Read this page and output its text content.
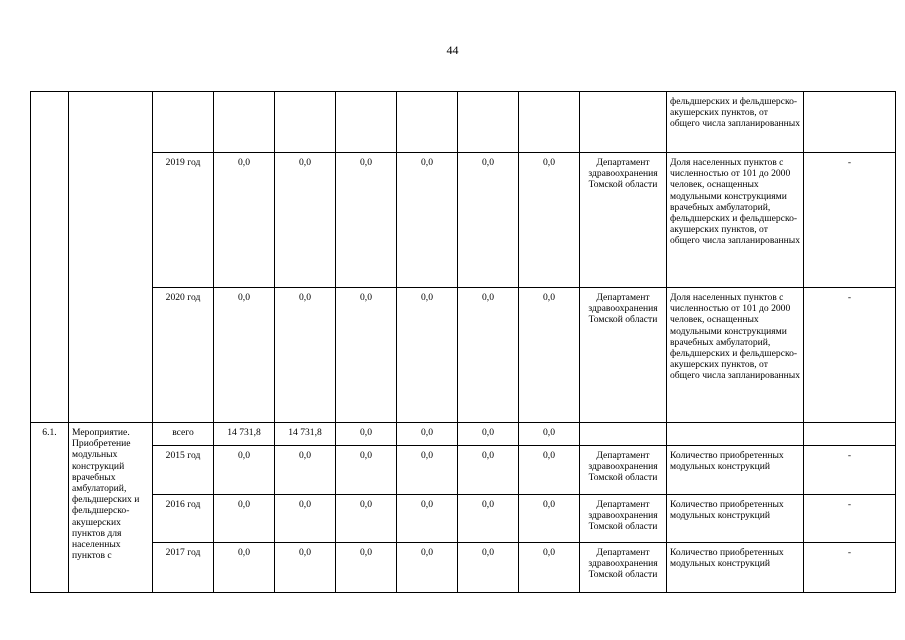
44
										фельдшерских и фельдшерско-акушерских пунктов, от общего числа запланированных	
		2019 год	0,0	0,0	0,0	0,0	0,0	0,0	Департамент здравоохранения Томской области	Доля населенных пунктов с численностью от 101 до 2000 человек, оснащенных модульными конструкциями врачебных амбулаторий, фельдшерских и фельдшерско-акушерских пунктов, от общего числа запланированных	-
		2020 год	0,0	0,0	0,0	0,0	0,0	0,0	Департамент здравоохранения Томской области	Доля населенных пунктов с численностью от 101 до 2000 человек, оснащенных модульными конструкциями врачебных амбулаторий, фельдшерских и фельдшерско-акушерских пунктов, от общего числа запланированных	-
6.1.	Мероприятие. Приобретение модульных конструкций врачебных амбулаторий, фельдшерских и фельдшерско-акушерских пунктов для населенных пунктов с	всего	14 731,8	14 731,8	0,0	0,0	0,0	0,0			
		2015 год	0,0	0,0	0,0	0,0	0,0	0,0	Департамент здравоохранения Томской области	Количество приобретенных модульных конструкций	-
		2016 год	0,0	0,0	0,0	0,0	0,0	0,0	Департамент здравоохранения Томской области	Количество приобретенных модульных конструкций	-
		2017 год	0,0	0,0	0,0	0,0	0,0	0,0	Департамент здравоохранения Томской области	Количество приобретенных модульных конструкций	-
